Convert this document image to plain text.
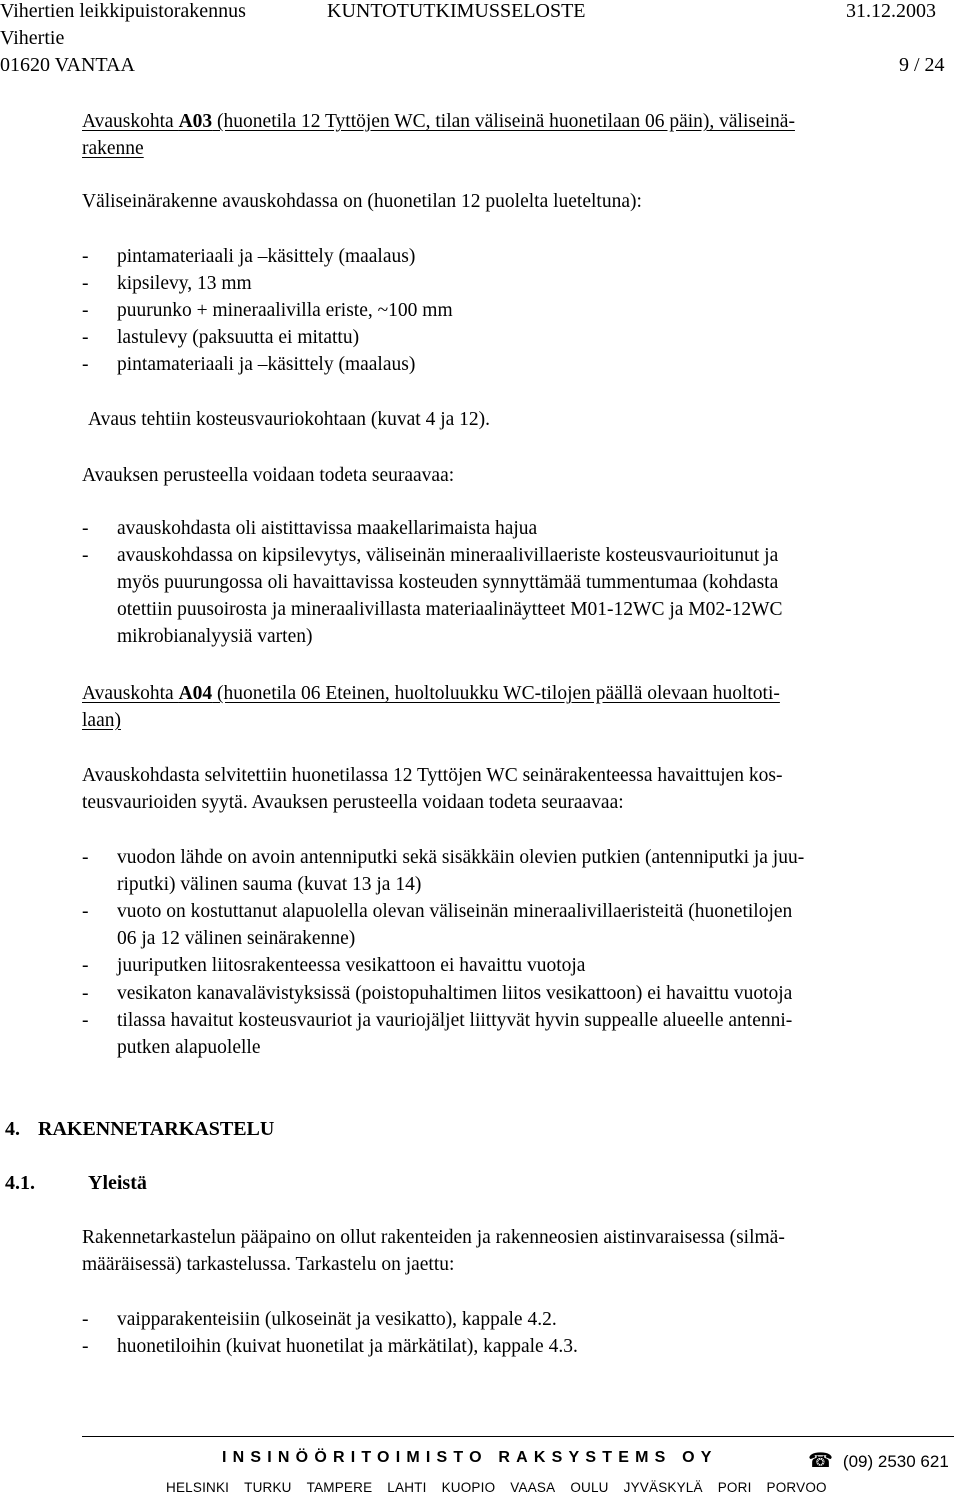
Vihertien leikkipuistorakennus	KUNTOTUTKIMUSSELOSTE	31.12.2003
Vihertie
01620 VANTAA	9 / 24
Avauskohta A03 (huonetila 12 Tyttöjen WC, tilan väliseinä huonetilaan 06 päin), väliseinä-
rakenne
Väliseinärakenne avauskohdassa on (huonetilan 12 puolelta lueteltuna):
- pintamateriaali ja –käsittely (maalaus)
- kipsilevy, 13 mm
- puurunko + mineraalivilla eriste, ~100 mm
- lastulevy (paksuutta ei mitattu)
- pintamateriaali ja –käsittely (maalaus)
Avaus tehtiin kosteusvauriokohtaan (kuvat 4 ja 12).
Avauksen perusteella voidaan todeta seuraavaa:
- avauskohdasta oli aistittavissa maakellarimaista hajua
- avauskohdassa on kipsilevytys, väliseinän mineraalivillaeriste kosteusvaurioitunut ja
myös puurungossa oli havaittavissa kosteuden synnyttämää tummentumaa (kohdasta
otettiin puusoirosta ja mineraalivillasta materiaalinäytteet M01-12WC ja M02-12WC
mikrobianalyysiä varten)
Avauskohta A04 (huonetila 06 Eteinen, huoltoluukku WC-tilojen päällä olevaan huoltoti-
laan)
Avauskohdasta selvitettiin huonetilassa 12 Tyttöjen WC seinärakenteessa havaittujen kos-
teusvaurioiden syytä. Avauksen perusteella voidaan todeta seuraavaa:
- vuodon lähde on avoin antenniputki sekä sisäkkäin olevien putkien (antenniputki ja juu-
riputki) välinen sauma (kuvat 13 ja 14)
- vuoto on kostuttanut alapuolella olevan väliseinän mineraalivillaeristeitä (huonetilojen
06 ja 12 välinen seinärakenne)
- juuriputken liitosrakenteessa vesikattoon ei havaittu vuotoja
- vesikaton kanavalävistyksissä (poistopuhaltimen liitos vesikattoon) ei havaittu vuotoja
- tilassa havaitut kosteusvauriot ja vauriojäljet liittyvät hyvin suppealle alueelle antenni-
putken alapuolelle
4. RAKENNETARKASTELU
4.1.	Yleistä
Rakennetarkastelun pääpaino on ollut rakenteiden ja rakenneosien aistinvaraisessa (silmä-
määräisessä) tarkastelussa. Tarkastelu on jaettu:
- vaipparakenteisiin (ulkoseinät ja vesikatto), kappale 4.2.
- huonetiloihin (kuivat huonetilat ja märkätilat), kappale 4.3.
INSINÖÖRITOIMISTO RAKSYSTEMS OY	☎ (09) 2530 621
HELSINKI TURKU TAMPERE LAHTI KUOPIO VAASA OULU JYVÄSKYLÄ PORI PORVOO
